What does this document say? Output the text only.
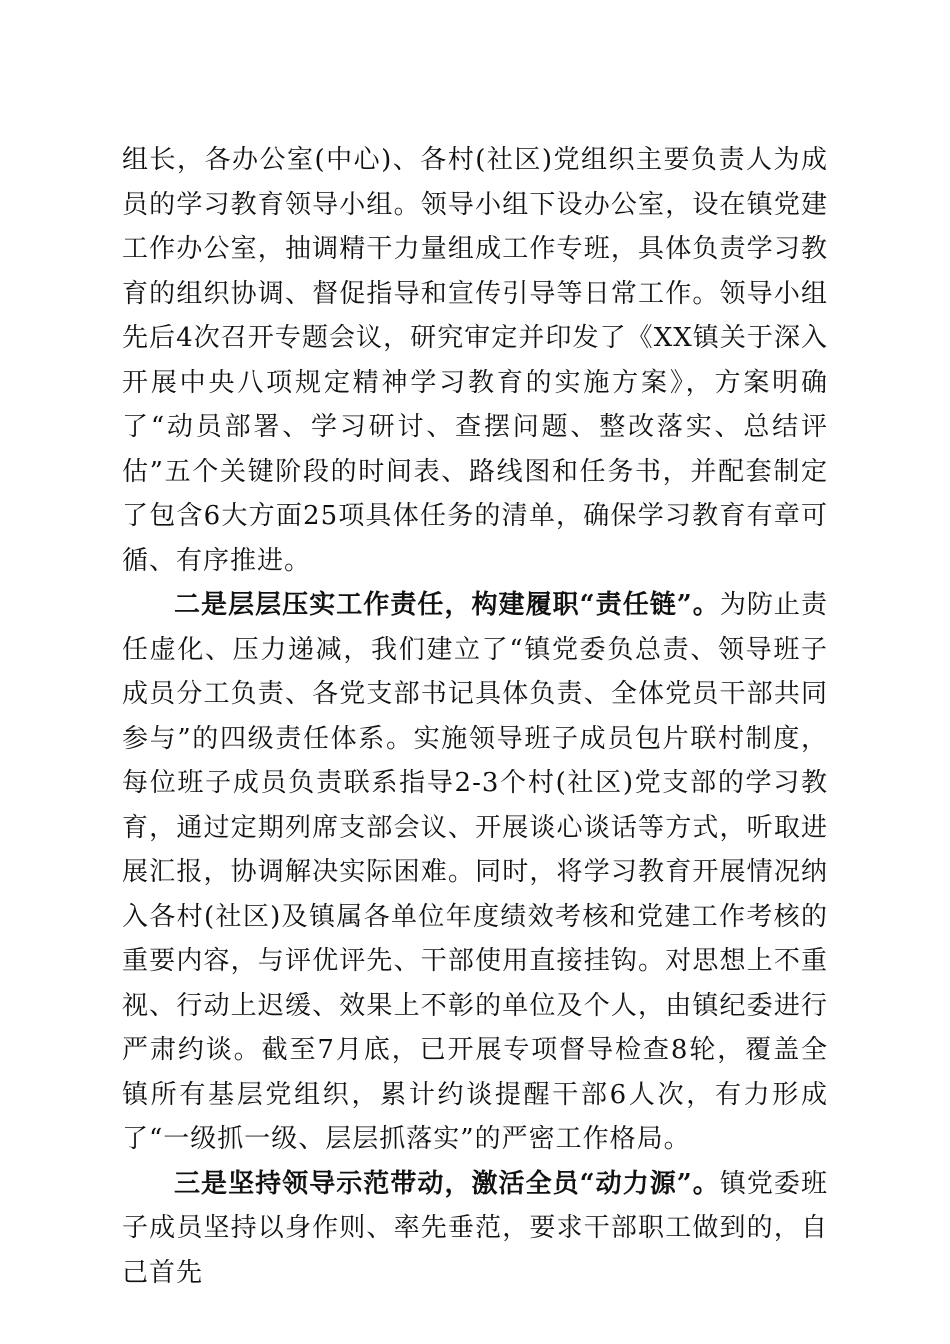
组长，各办公室(中心)、各村(社区)党组织主要负责人为成员的学习教育领导小组。领导小组下设办公室，设在镇党建工作办公室，抽调精干力量组成工作专班，具体负责学习教育的组织协调、督促指导和宣传引导等日常工作。领导小组先后4次召开专题会议，研究审定并印发了《XX镇关于深入开展中央八项规定精神学习教育的实施方案》，方案明确了“动员部署、学习研讨、查摆问题、整改落实、总结评估”五个关键阶段的时间表、路线图和任务书，并配套制定了包含6大方面25项具体任务的清单，确保学习教育有章可循、有序推进。

二是层层压实工作责任，构建履职“责任链”。为防止责任虚化、压力递减，我们建立了“镇党委负总责、领导班子成员分工负责、各党支部书记具体负责、全体党员干部共同参与”的四级责任体系。实施领导班子成员包片联村制度，每位班子成员负责联系指导2-3个村(社区)党支部的学习教育，通过定期列席支部会议、开展谈心谈话等方式，听取进展汇报，协调解决实际困难。同时，将学习教育开展情况纳入各村(社区)及镇属各单位年度绩效考核和党建工作考核的重要内容，与评优评先、干部使用直接挂钩。对思想上不重视、行动上迟缓、效果上不彰的单位及个人，由镇纪委进行严肃约谈。截至7月底，已开展专项督导检查8轮，覆盖全镇所有基层党组织，累计约谈提醒干部6人次，有力形成了“一级抓一级、层层抓落实”的严密工作格局。

三是坚持领导示范带动，激活全员“动力源”。镇党委班子成员坚持以身作则、率先垂范，要求干部职工做到的，自己首先
